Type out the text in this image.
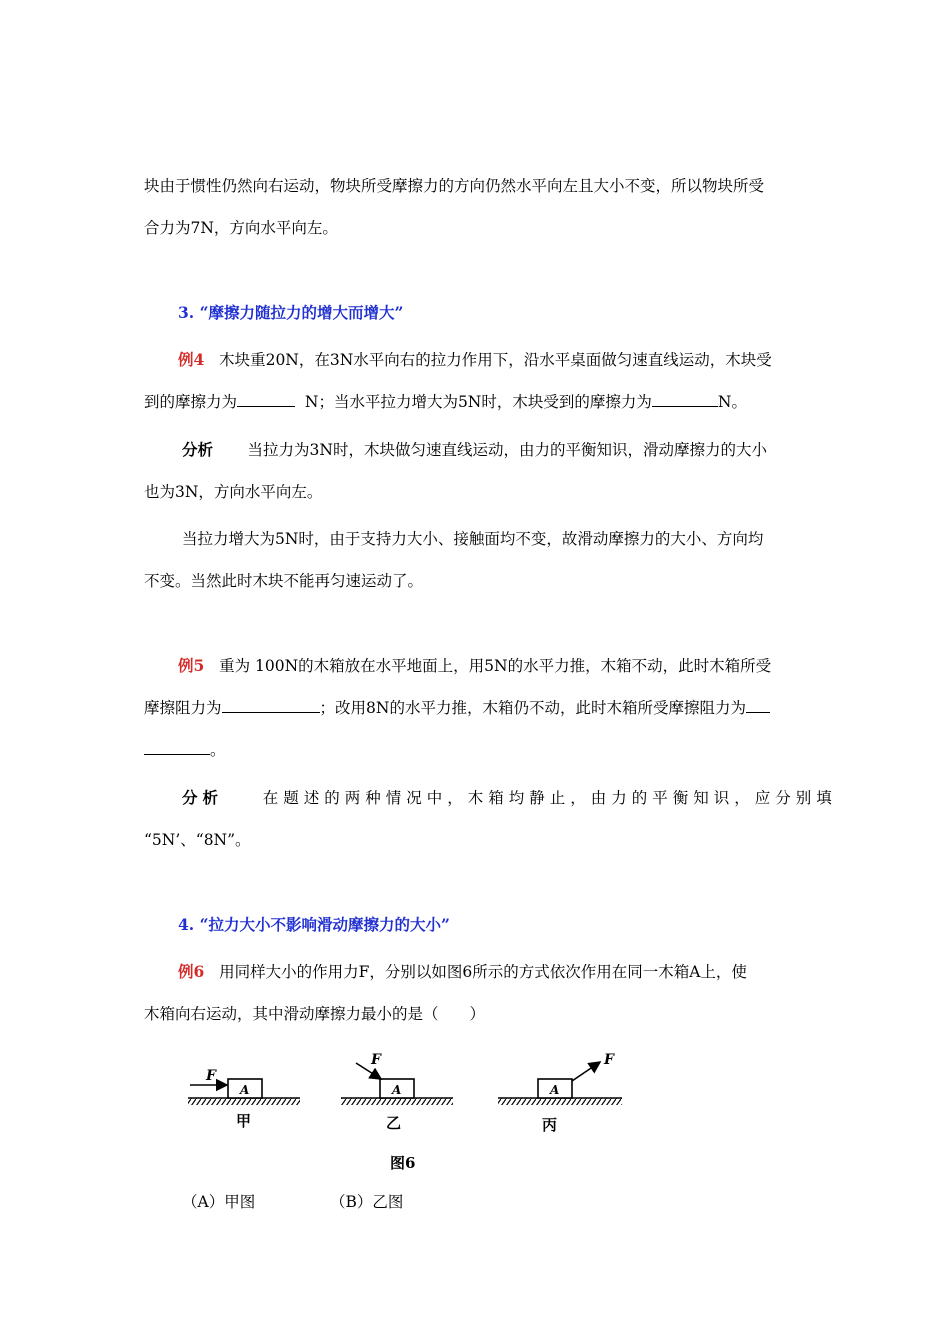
块由于惯性仍然向右运动，物块所受摩擦力的方向仍然水平向左且大小不变，所以物块所受
合力为7N，方向水平向左。
3. “摩擦力随拉力的增大而增大”
例4 木块重20N，在3N水平向右的拉力作用下，沿水平桌面做匀速直线运动，木块受
到的摩擦力为	N；当水平拉力增大为5N时，木块受到的摩擦力为	N。
分析 当拉力为3N时，木块做匀速直线运动，由力的平衡知识，滑动摩擦力的大小
也为3N，方向水平向左。
当拉力增大为5N时，由于支持力大小、接触面均不变，故滑动摩擦力的大小、方向均
不变。当然此时木块不能再匀速运动了。
例5 重为 100N的木箱放在水平地面上，用5N的水平力推，木箱不动，此时木箱所受
摩擦阻力为	；改用8N的水平力推，木箱仍不动，此时木箱所受摩擦阻力为
。
分析	在题述的两种情况中，木箱均静止，由力的平衡知识，应分别填
“5N’、“8N”。
4. “拉力大小不影响滑动摩擦力的大小”
例6 用同样大小的作用力F，分别以如图6所示的方式依次作用在同一木箱A上，使
木箱向右运动，其中滑动摩擦力最小的是（　　）
F
A
甲
F
A
乙
F
A
丙
图6
（A）甲图	（B）乙图
